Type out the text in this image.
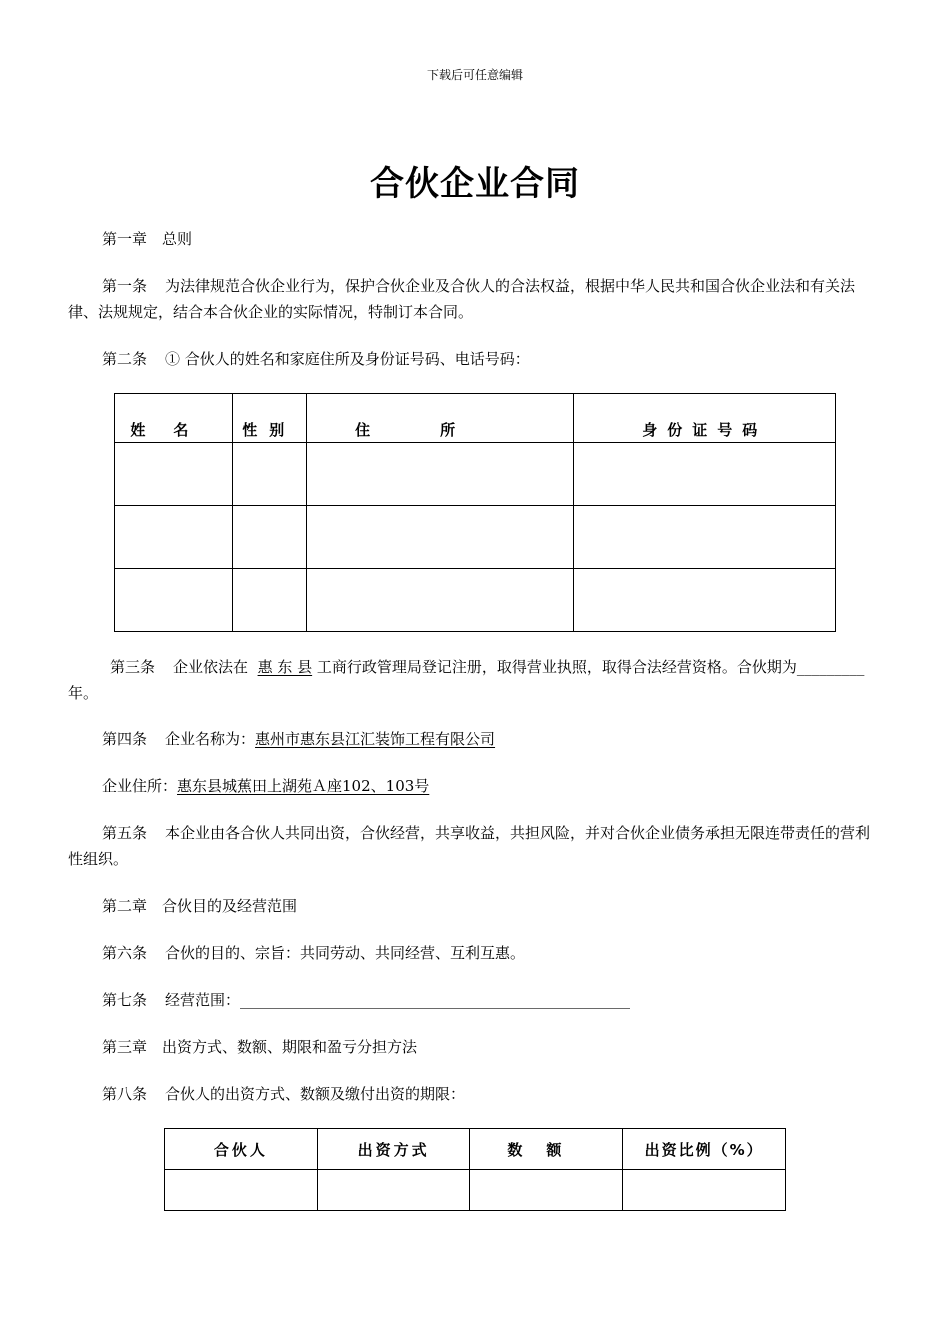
下载后可任意编辑
合伙企业合同
第一章　总则
第一条 为法律规范合伙企业行为，保护合伙企业及合伙人的合法权益，根据中华人民共和国合伙企业法和有关法律、法规规定，结合本合伙企业的实际情况，特制订本合同。
第二条 ① 合伙人的姓名和家庭住所及身份证号码、电话号码：
姓名	性别	住所	身份证号码

第三条 企业依法在 惠 东 县 工商行政管理局登记注册，取得营业执照，取得合法经营资格。合伙期为_________年。
第四条 企业名称为：惠州市惠东县江汇装饰工程有限公司
企业住所：惠东县城蕉田上湖苑Ａ座102、103号
第五条 本企业由各合伙人共同出资，合伙经营，共享收益，共担风险，并对合伙企业债务承担无限连带责任的营利性组织。
第二章　合伙目的及经营范围
第六条 合伙的目的、宗旨：共同劳动、共同经营、互利互惠。
第七条 经营范围：____________________________________________________
第三章　出资方式、数额、期限和盈亏分担方法
第八条 合伙人的出资方式、数额及缴付出资的期限：
合伙人	出资方式	数额	出资比例（%）
